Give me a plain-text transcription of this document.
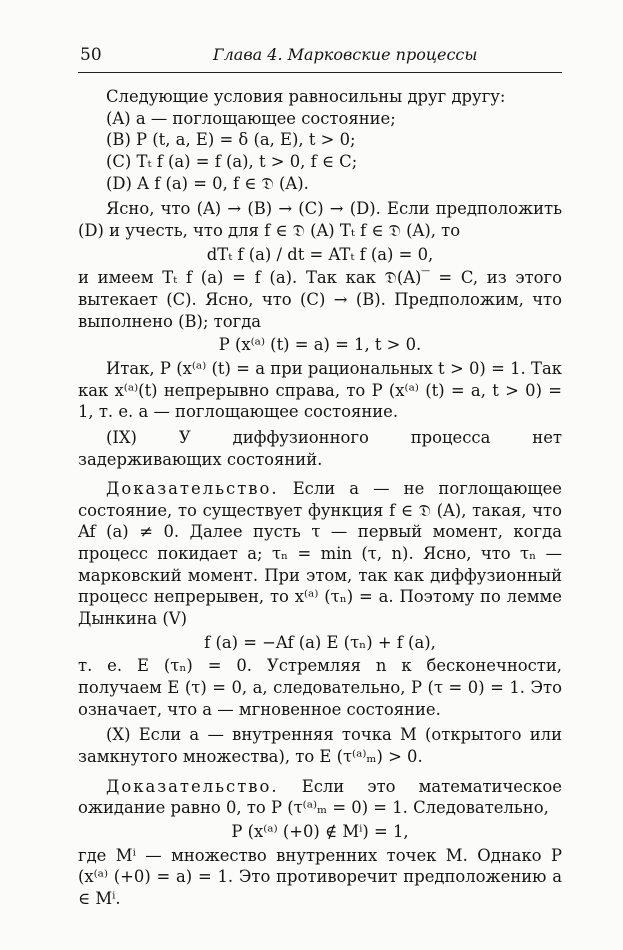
50	Глава 4. Марковские процессы

Следующие условия равносильны друг другу:

(A) a — поглощающее состояние;

(B) P (t, a, E) = δ (a, E), t > 0;

(C) Tₜ f (a) = f (a), t > 0, f ∈ C;

(D) A f (a) = 0, f ∈ 𝔇 (A).

Ясно, что (A) → (B) → (C) → (D). Если предположить (D) и учесть, что для f ∈ 𝔇 (A) Tₜ f ∈ 𝔇 (A), то

dTₜ f (a) / dt = ATₜ f (a) = 0,

и имеем Tₜ f (a) = f (a). Так как 𝔇(A)‾ = C, из этого вытекает (C). Ясно, что (C) → (B). Предположим, что выполнено (B); тогда

P (x⁽ᵃ⁾ (t) = a) = 1, t > 0.

Итак, P (x⁽ᵃ⁾ (t) = a при рациональных t > 0) = 1. Так как x⁽ᵃ⁾(t) непрерывно справа, то P (x⁽ᵃ⁾ (t) = a, t > 0) = 1, т. е. a — поглощающее состояние.

(IX) У диффузионного процесса нет задерживающих состояний.

Доказательство. Если a — не поглощающее состояние, то существует функция f ∈ 𝔇 (A), такая, что Af (a) ≠ 0. Далее пусть τ — первый момент, когда процесс покидает a; τₙ = min (τ, n). Ясно, что τₙ — марковский момент. При этом, так как диффузионный процесс непрерывен, то x⁽ᵃ⁾ (τₙ) = a. Поэтому по лемме Дынкина (V)

f (a) = −Af (a) E (τₙ) + f (a),

т. е. E (τₙ) = 0. Устремляя n к бесконечности, получаем E (τ) = 0, а, следовательно, P (τ = 0) = 1. Это означает, что a — мгновенное состояние.

(X) Если a — внутренняя точка M (открытого или замкнутого множества), то E (τ⁽ᵃ⁾ₘ) > 0.

Доказательство. Если это математическое ожидание равно 0, то P (τ⁽ᵃ⁾ₘ = 0) = 1. Следовательно,

P (x⁽ᵃ⁾ (+0) ∉ Mⁱ) = 1,

где Mⁱ — множество внутренних точек M. Однако P (x⁽ᵃ⁾ (+0) = a) = 1. Это противоречит предположению a ∈ Mⁱ.
